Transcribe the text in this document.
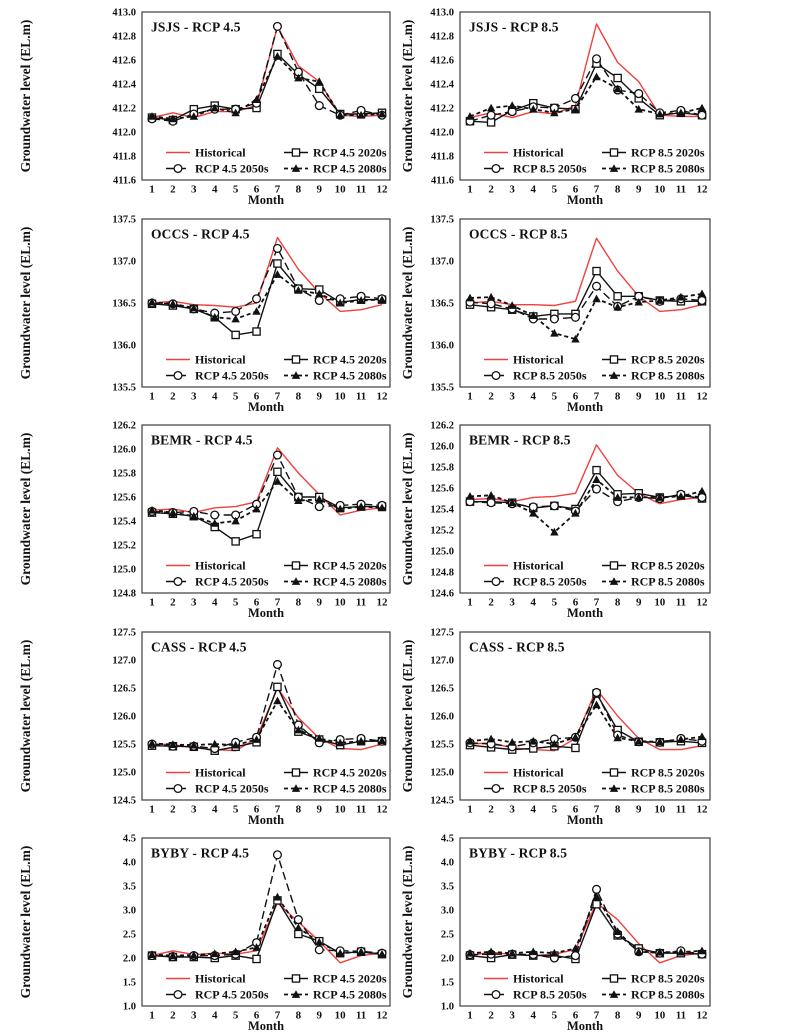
Groundwater level (EL.m)
411.6
411.8
412.0
412.2
412.4
412.6
412.8
413.0
1 2 3 4 5 6 7 8 9 10 11 12
Month
Historical	RCP 4.5 2020s
RCP 4.5 2050s	RCP 4.5 2080s
JSJS - RCP 4.5	Groundwater level (EL.m)
411.6
411.8
412.0
412.2
412.4
412.6
412.8
413.0
1 2 3 4 5 6 7 8 9 10 11 12
Month
Historical	RCP 8.5 2020s
RCP 8.5 2050s	RCP 8.5 2080s
JSJS - RCP 8.5
Groundwater level (EL.m)
135.5
136.0
136.5
137.0
137.5
1 2 3 4 5 6 7 8 9 10 11 12
Month
Historical	RCP 4.5 2020s
RCP 4.5 2050s	RCP 4.5 2080s
OCCS - RCP 4.5	Groundwater level (EL.m)
135.5
136.0
136.5
137.0
137.5
1 2 3 4 5 6 7 8 9 10 11 12
Month
Historical	RCP 8.5 2020s
RCP 8.5 2050s	RCP 8.5 2080s
OCCS - RCP 8.5
Groundwater level (EL.m)
124.8
125.0
125.2
125.4
125.6
125.8
126.0
126.2
1 2 3 4 5 6 7 8 9 10 11 12
Month
Historical	RCP 4.5 2020s
RCP 4.5 2050s	RCP 4.5 2080s
BEMR - RCP 4.5	Groundwater level (EL.m)
124.6
124.8
125.0
125.2
125.4
125.6
125.8
126.0
126.2
1 2 3 4 5 6 7 8 9 10 11 12
Month
Historical	RCP 8.5 2020s
RCP 8.5 2050s	RCP 8.5 2080s
BEMR - RCP 8.5
Groundwater level (EL.m)
124.5
125.0
125.5
126.0
126.5
127.0
127.5
1 2 3 4 5 6 7 8 9 10 11 12
Month
Historical	RCP 4.5 2020s
RCP 4.5 2050s	RCP 4.5 2080s
CASS - RCP 4.5	Groundwater level (EL.m)
124.5
125.0
125.5
126.0
126.5
127.0
127.5
1 2 3 4 5 6 7 8 9 10 11 12
Month
Historical	RCP 8.5 2020s
RCP 8.5 2050s	RCP 8.5 2080s
CASS - RCP 8.5
Groundwater level (EL.m)
1.0
1.5
2.0
2.5
3.0
3.5
4.0
4.5
1 2 3 4 5 6 7 8 9 10 11 12
Month
Historical	RCP 4.5 2020s
RCP 4.5 2050s	RCP 4.5 2080s
BYBY - RCP 4.5	Groundwater level (EL.m)
1.0
1.5
2.0
2.5
3.0
3.5
4.0
4.5
1 2 3 4 5 6 7 8 9 10 11 12
Month
Historical	RCP 8.5 2020s
RCP 8.5 2050s	RCP 8.5 2080s
BYBY - RCP 8.5
